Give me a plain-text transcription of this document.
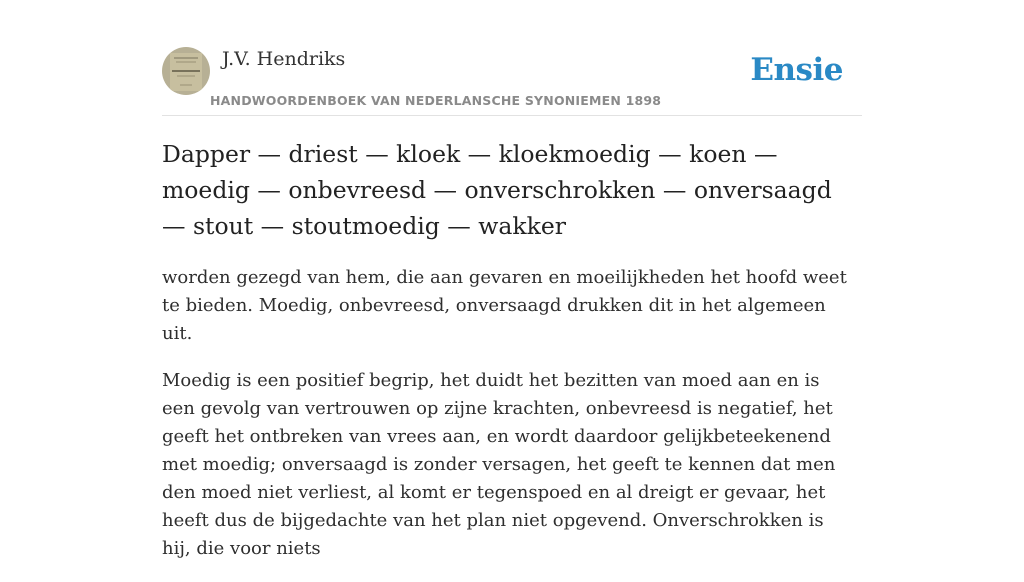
J.V. Hendriks
HANDWOORDENBOEK VAN NEDERLANSCHE SYNONIEMEN 1898
Ensie
Dapper — driest — kloek — kloekmoedig — koen — moedig — onbevreesd — onverschrokken — onversaagd — stout — stoutmoedig — wakker

worden gezegd van hem, die aan gevaren en moeilijkheden het hoofd weet te bieden. Moedig, onbevreesd, onversaagd drukken dit in het algemeen uit.

Moedig is een positief begrip, het duidt het bezitten van moed aan en is een gevolg van vertrouwen op zijne krachten, onbevreesd is negatief, het geeft het ontbreken van vrees aan, en wordt daardoor gelijkbeteekenend met moedig; onversaagd is zonder versagen, het geeft te kennen dat men den moed niet verliest, al komt er tegenspoed en al dreigt er gevaar, het heeft dus de bijgedachte van het plan niet opgevend. Onverschrokken is hij, die voor niets
